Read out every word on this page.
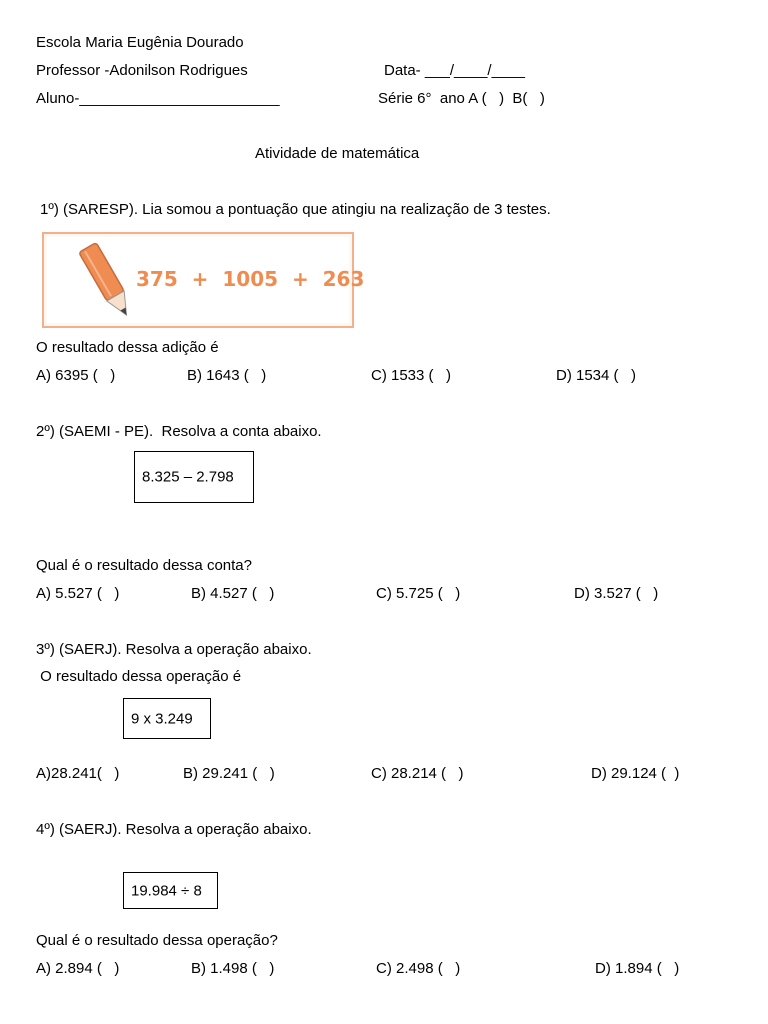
Escola Maria Eugênia Dourado
Professor -Adonilson Rodrigues	Data- ___/____/____
Aluno-________________________	Série 6°  ano A (   )  B(   )
Atividade de matemática
1º) (SARESP). Lia somou a pontuação que atingiu na realização de 3 testes.
375  +  1005  +  263
O resultado dessa adição é
A) 6395 (   )	B) 1643 (   )	C) 1533 (   )	D) 1534 (   )
2º) (SAEMI - PE).  Resolva a conta abaixo.
8.325 – 2.798
Qual é o resultado dessa conta?
A) 5.527 (   )	B) 4.527 (   )	C) 5.725 (   )	D) 3.527 (   )
3º) (SAERJ). Resolva a operação abaixo.
O resultado dessa operação é
9 x 3.249
A)28.241(   )	B) 29.241 (   )	C) 28.214 (   )	D) 29.124 (  )
4º) (SAERJ). Resolva a operação abaixo.
19.984 ÷ 8
Qual é o resultado dessa operação?
A) 2.894 (   )	B) 1.498 (   )	C) 2.498 (   )	D) 1.894 (   )
